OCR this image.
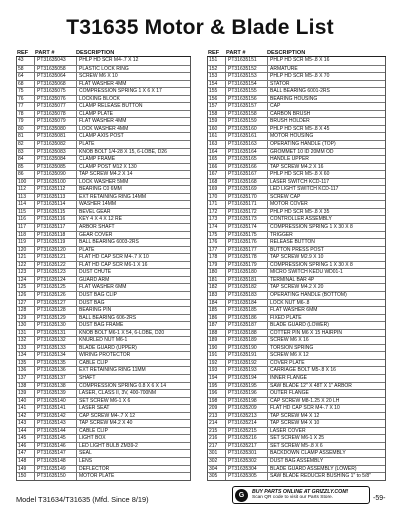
T31635 Motor & Blade List
REF	PART #	DESCRIPTION
43	PT31635043	PHLP HD SCR M4-.7 X 12
58	PT31635058	PLASTIC LOCK RING
64	PT31635064	SCREW M6 X 10
68	PT31635068	FLAT WASHER 4MM
75	PT31635075	COMPRESSION SPRING 1 X 6 X 17
76	PT31635076	LOCKING BLOCK
77	PT31635077	CLAMP RELEASE BUTTON
78	PT31635078	CLAMP PLATE
79	PT31635079	FLAT WASHER 4MM
80	PT31635080	LOCK WASHER 4MM
81	PT31635081	CLAMP AXIS POST
82	PT31635082	PLATE
83	PT31635083	KNOB BOLT 1/4-28 X 15, 6-LOBE, D26
84	PT31635084	CLAMP FRAME
85	PT31635085	CLAMP POST M12 X 130
86	PT31635090	TAP SCREW M4.2 X 14
100	PT31635100	LOCK WASHER 5MM
112	PT31635112	BEARING C0 6MM
113	PT31635113	EXT RETAINING RING 14MM
114	PT31635114	WASHER 14MM
115	PT31635115	BEVEL GEAR
116	PT31635116	KEY 4 X 4 X 12 RE
117	PT31635117	ARBOR SHAFT
118	PT31635118	GEAR COVER
119	PT31635119	BALL BEARING 6003-2RS
120	PT31635120	PLATE
121	PT31635121	FLAT HD CAP SCR M4-.7 X 10
122	PT31635122	FLAT HD CAP SCR M6-1 X 16
123	PT31635123	DUST CHUTE
124	PT31635124	GUARD ARM
125	PT31635125	FLAT WASHER 6MM
126	PT31635126	DUST BAG CLIP
127	PT31635127	DUST BAG
128	PT31635128	BEARING PIN
129	PT31635129	BALL BEARING 606-2RS
130	PT31635130	DUST BAG FRAME
131	PT31635131	KNOB BOLT M6-1 X 54, 6-LOBE, D20
132	PT31635132	KNURLED NUT M6-1
133	PT31635133	BLADE GUARD (UPPER)
134	PT31635134	WIRING PROTECTOR
135	PT31635135	CABLE CLIP
136	PT31635136	EXT RETAINING RING 11MM
137	PT31635137	SHAFT
138	PT31635138	COMPRESSION SPRING 0.8 X 6 X 14
139	PT31635139	LASER, CLASS II, 3V, 400-700NM
140	PT31635140	SET SCREW M6-1 X 6
141	PT31635141	LASER SEAT
142	PT31635142	CAP SCREW M4-.7 X 12
143	PT31635143	TAP SCREW M4.2 X 40
144	PT31635144	CABLE CLIP
145	PT31635145	LIGHT BOX
146	PT31635146	LED LIGHT BULB ZM39-2
147	PT31635147	SEAL
148	PT31635148	LENS
149	PT31635149	DEFLECTOR
150	PT31635150	MOTOR PLATE
REF	PART #	DESCRIPTION
151	PT31635151	PHLP HD SCR M5-.8 X 16
152	PT31635152	ARMATURE
153	PT31635153	PHLP HD SCR M5-.8 X 70
154	PT31635154	STATOR
155	PT31635155	BALL BEARING 6001-2RS
156	PT31635156	BEARING HOUSING
157	PT31635157	CAP
158	PT31635158	CARBON BRUSH
159	PT31635159	BRUSH HOLDER
160	PT31635160	PHLP HD SCR M5-.8 X 45
161	PT31635161	MOTOR HOUSING
163	PT31635163	OPERATING HANDLE (TOP)
164	PT31635164	GROMMET 10 ID 20MM OD
165	PT31635165	HANDLE UPPER
166	PT31635166	TAP SCREW M4.2 X 16
167	PT31635167	PHLP HD SCR M5-.8 X 60
168	PT31635168	LASER SWITCH KCD-117
169	PT31635169	LED LIGHT SWITCH KCD-117
170	PT31635170	SCREW CAP
171	PT31635171	MOTOR COVER
172	PT31635172	PHLP HD SCR M5-.8 X 35
173	PT31635173	CONTROLLER ASSEMBLY
174	PT31635174	COMPRESSION SPRING 1 X 30 X 8
175	PT31635175	TRIGGER
176	PT31635176	RELEASE BUTTON
177	PT31635177	BUTTON PRESS POST
178	PT31635178	TAP SCREW M2.9 X 10
179	PT31635179	COMPRESSION SPRING 1 X 30 X 8
180	PT31635180	MICRO SWITCH KEDU WD01-1
181	PT31635181	TERMINAL BAR 4P
182	PT31635182	TAP SCREW M4.2 X 20
183	PT31635183	OPERATING HANDLE (BOTTOM)
184	PT31635184	LOCK NUT M6-.8
185	PT31635185	FLAT WASHER 6MM
186	PT31635186	FIXED PLATE
187	PT31635187	BLADE GUARD (LOWER)
188	PT31635188	COTTER PIN M6 X 15 HAIRPIN
189	PT31635189	SCREW M6 X 16
190	PT31635190	TORSION SPRING
191	PT31635191	SCREW M6 X 12
192	PT31635192	COVER PLATE
193	PT31635193	CARRIAGE BOLT M5-.8 X 16
194	PT31635194	INNER FLANGE
195	PT31635195	SAW BLADE 12" X 48T X 1" ARBOR
196	PT31635196	OUTER FLANGE
198	PT31635198	CAP SCREW M8-1.25 X 20 LH
209	PT31635209	FLAT HD CAP SCR M4-.7 X 10
213	PT31635213	TAP SCREW M4 X 12
214	PT31635214	TAP SCREW M4 X 10
215	PT31635215	LASER COVER
216	PT31635216	SET SCREW M6-1 X 25
217	PT31635217	SET SCREW M5-.8 X 6
301	PT31635301	BACKDOWN CLAMP ASSEMBLY
302	PT31635302	DUST BAG ASSEMBLY
304	PT31635304	BLADE GUARD ASSEMBLY (LOWER)
305	PT31635305	SAW BLADE REDUCER BUSHING 1" to 5/8"
Model T31634/T31635 (Mfd. Since 8/19)	G	BUY PARTS ONLINE AT GRIZZLY.COM!
Scan QR code to visit our Parts Store.	-59-
